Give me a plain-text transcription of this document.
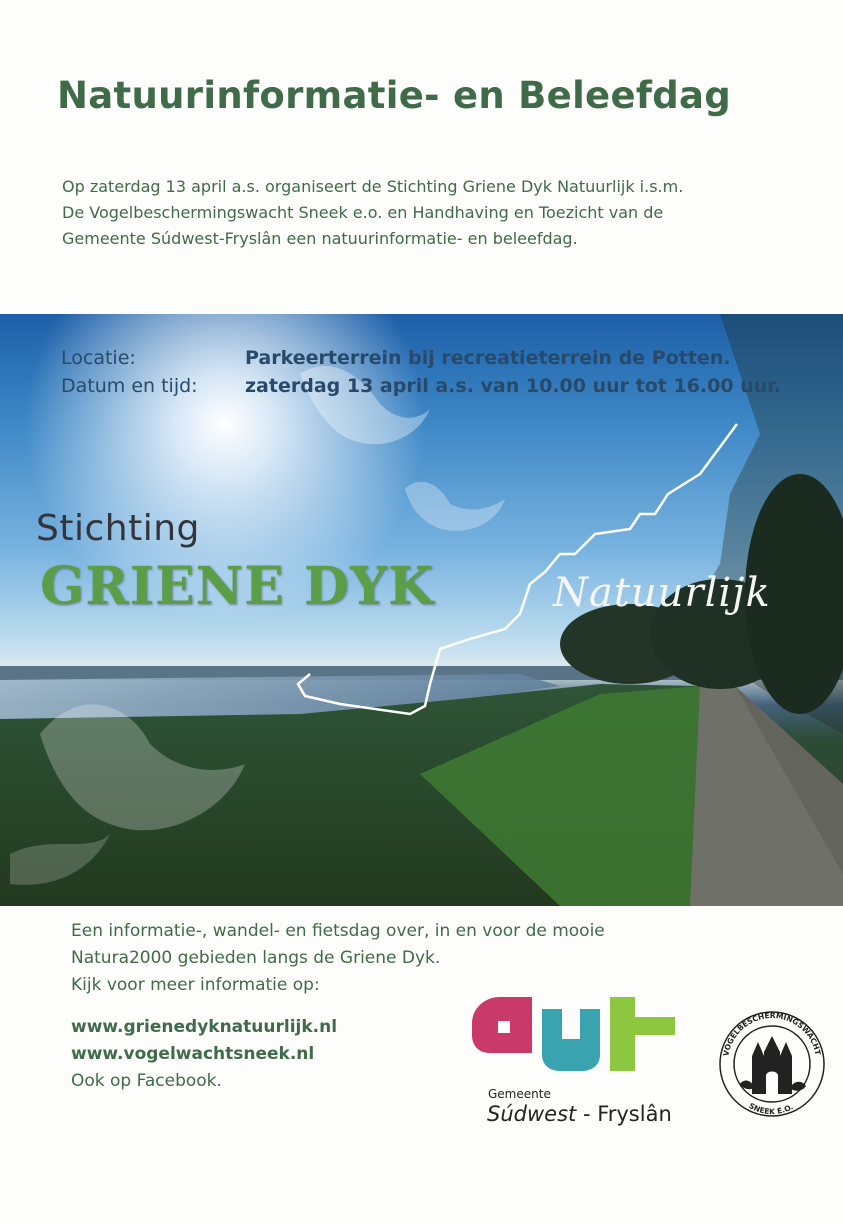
Natuurinformatie- en Beleefdag
Op zaterdag 13 april a.s. organiseert de Stichting Griene Dyk Natuurlijk i.s.m.
De Vogelbeschermingswacht Sneek e.o. en Handhaving en Toezicht van de
Gemeente Súdwest-Fryslân een natuurinformatie- en beleefdag.
Locatie:
Datum en tijd:
Parkeerterrein bij recreatieterrein de Potten.
zaterdag 13 april a.s. van 10.00 uur tot 16.00 uur.
Stichting
GRIENE DYK	Natuurlijk
Een informatie-, wandel- en fietsdag over, in en voor de mooie
Natura2000 gebieden langs de Griene Dyk.
Kijk voor meer informatie op:
www.grienedyknatuurlijk.nl
www.vogelwachtsneek.nl
Ook op Facebook.
Gemeente
Súdwest - Fryslân
VOGELBESCHERMINGSWACHT
SNEEK E.O.
